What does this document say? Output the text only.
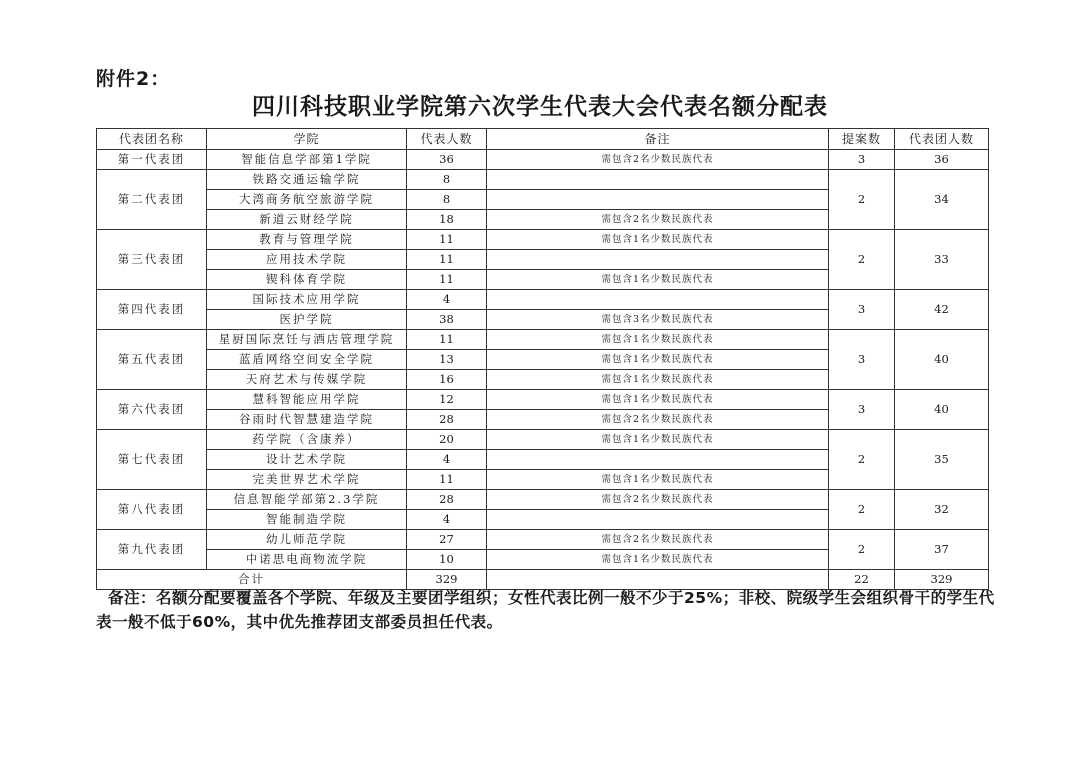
附件2：
四川科技职业学院第六次学生代表大会代表名额分配表
代表团名称	学院	代表人数	备注	提案数	代表团人数
第一代表团	智能信息学部第1学院	36	需包含2名少数民族代表	3	36
第二代表团	铁路交通运输学院	8		2	34
	大湾商务航空旅游学院	8			
	新道云财经学院	18	需包含2名少数民族代表		
第三代表团	教育与管理学院	11	需包含1名少数民族代表	2	33
	应用技术学院	11			
	锲科体育学院	11	需包含1名少数民族代表		
第四代表团	国际技术应用学院	4		3	42
	医护学院	38	需包含3名少数民族代表		
第五代表团	星厨国际烹饪与酒店管理学院	11	需包含1名少数民族代表	3	40
	蓝盾网络空间安全学院	13	需包含1名少数民族代表		
	天府艺术与传媒学院	16	需包含1名少数民族代表		
第六代表团	慧科智能应用学院	12	需包含1名少数民族代表	3	40
	谷雨时代智慧建造学院	28	需包含2名少数民族代表		
第七代表团	药学院（含康养）	20	需包含1名少数民族代表	2	35
	设计艺术学院	4			
	完美世界艺术学院	11	需包含1名少数民族代表		
第八代表团	信息智能学部第2.3学院	28	需包含2名少数民族代表	2	32
	智能制造学院	4			
第九代表团	幼儿师范学院	27	需包含2名少数民族代表	2	37
	中诺思电商物流学院	10	需包含1名少数民族代表		
合计		329		22	329
备注：名额分配要覆盖各个学院、年级及主要团学组织；女性代表比例一般不少于25%；非校、院级学生会组织骨干的学生代表一般不低于60%，其中优先推荐团支部委员担任代表。
